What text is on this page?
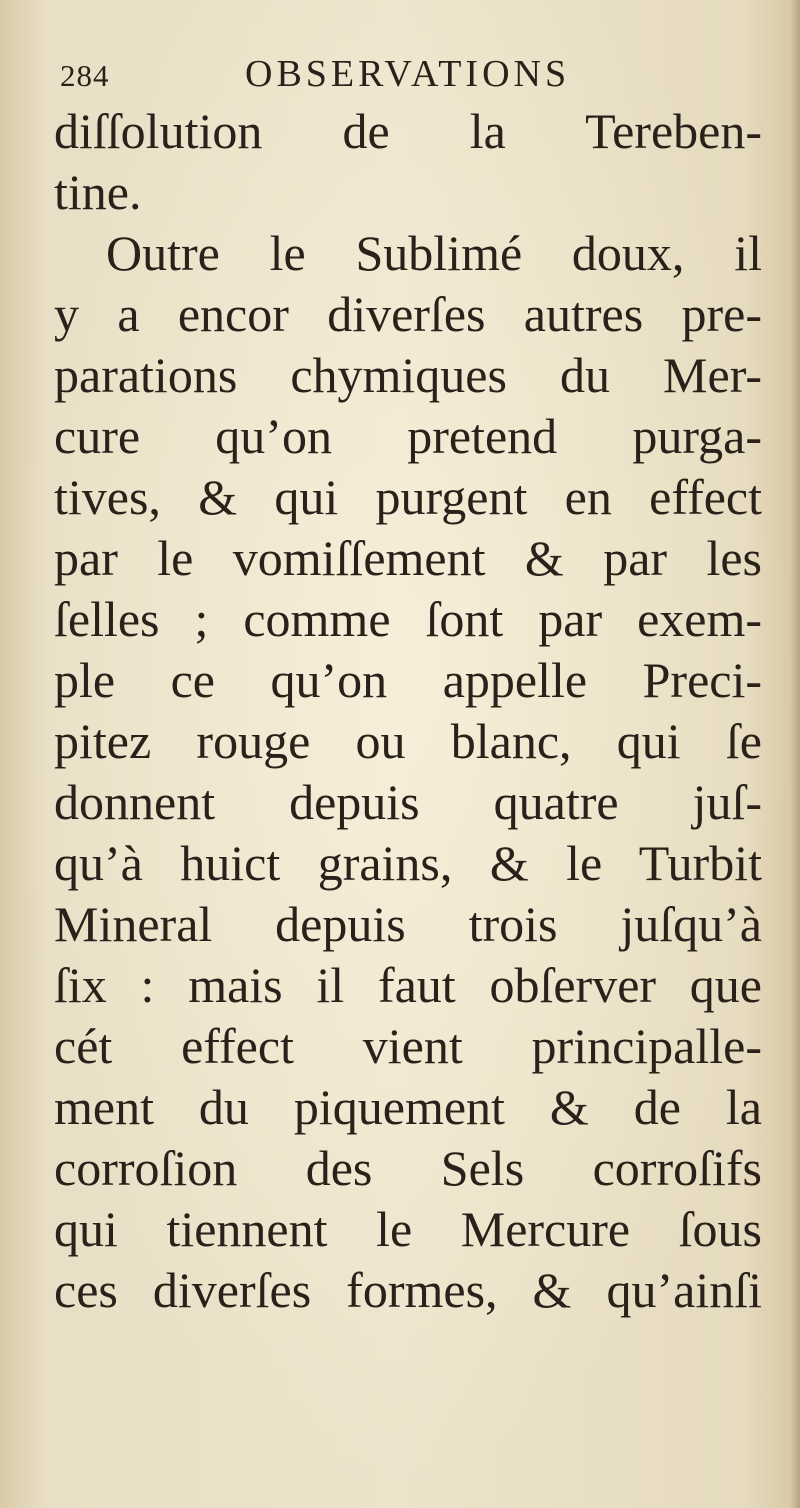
284	OBSERVATIONS
diſſolution de la Tereben-
tine.
Outre le Sublimé doux, il
y a encor diverſes autres pre-
parations chymiques du Mer-
cure qu’on pretend purga-
tives, & qui purgent en effect
par le vomiſſement & par les
ſelles ; comme ſont par exem-
ple ce qu’on appelle Preci-
pitez rouge ou blanc, qui ſe
donnent depuis quatre juſ-
qu’à huict grains, & le Turbit
Mineral depuis trois juſqu’à
ſix : mais il faut obſerver que
cét effect vient principalle-
ment du piquement & de la
corroſion des Sels corroſifs
qui tiennent le Mercure ſous
ces diverſes formes, & qu’ainſi
